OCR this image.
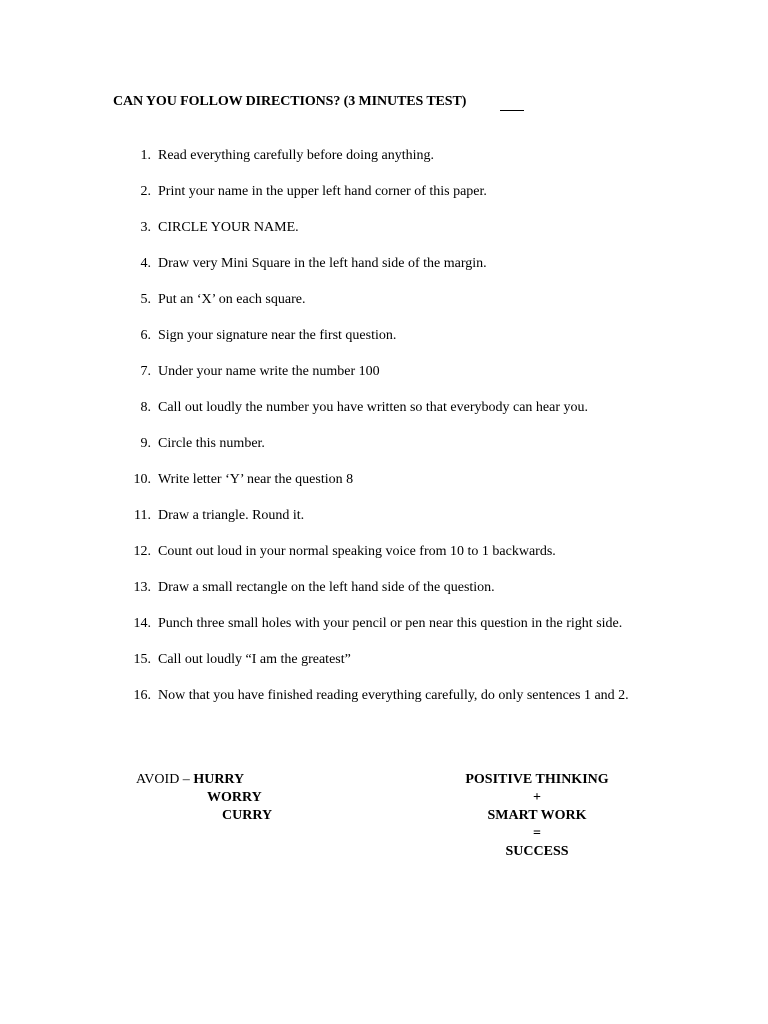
CAN YOU FOLLOW DIRECTIONS? (3 MINUTES TEST)
1. Read everything carefully before doing anything.
2. Print your name in the upper left hand corner of this paper.
3. CIRCLE YOUR NAME.
4. Draw very Mini Square in the left hand side of the margin.
5. Put an ‘X’ on each square.
6. Sign your signature near the first question.
7. Under your name write the number 100
8. Call out loudly the number you have written so that everybody can hear you.
9. Circle this number.
10. Write letter ‘Y’ near the question 8
11. Draw a triangle. Round it.
12. Count out loud in your normal speaking voice from 10 to 1 backwards.
13. Draw a small rectangle on the left hand side of the question.
14. Punch three small holes with your pencil or pen near this question in the right side.
15. Call out loudly “I am the greatest”
16. Now that you have finished reading everything carefully, do only sentences 1 and 2.
AVOID – HURRY
WORRY
CURRY
POSITIVE THINKING
+
SMART WORK
=
SUCCESS
